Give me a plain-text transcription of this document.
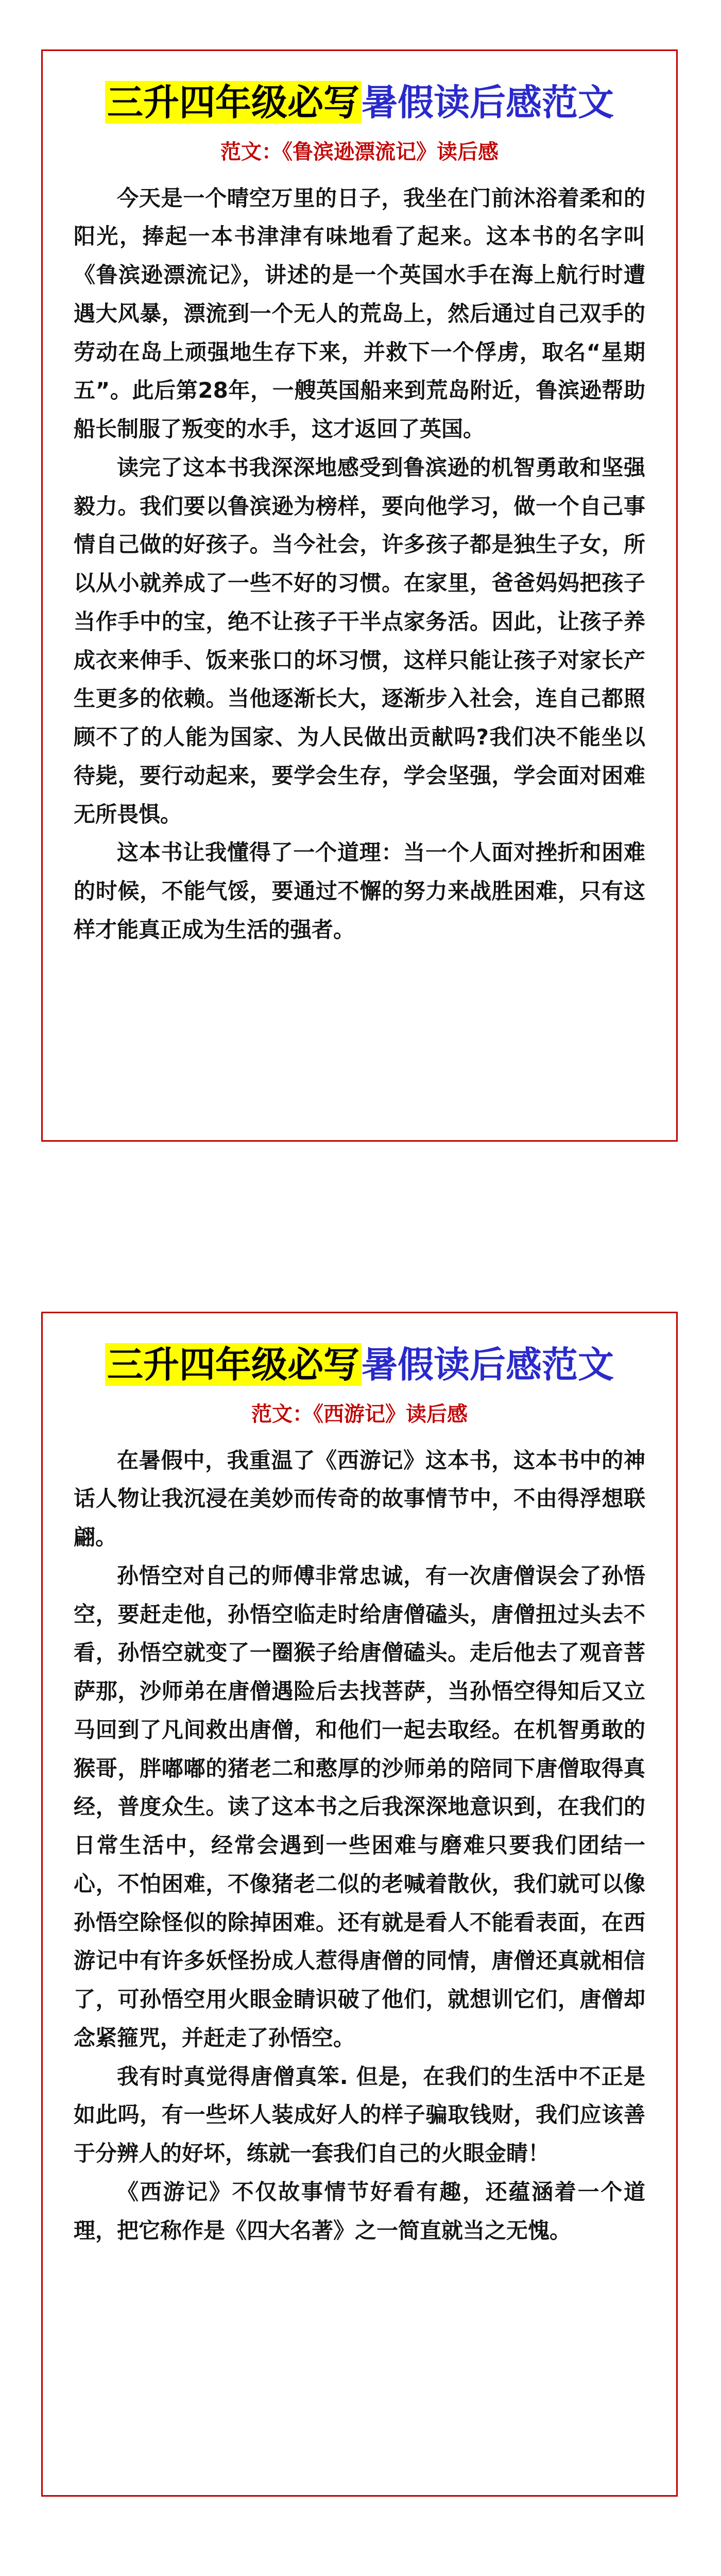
三升四年级必写暑假读后感范文
范文：《鲁滨逊漂流记》读后感

今天是一个晴空万里的日子，我坐在门前沐浴着柔和的阳光，捧起一本书津津有味地看了起来。这本书的名字叫《鲁滨逊漂流记》，讲述的是一个英国水手在海上航行时遭遇大风暴，漂流到一个无人的荒岛上，然后通过自己双手的劳动在岛上顽强地生存下来，并救下一个俘虏，取名“星期五”。此后第28年，一艘英国船来到荒岛附近，鲁滨逊帮助船长制服了叛变的水手，这才返回了英国。

读完了这本书我深深地感受到鲁滨逊的机智勇敢和坚强毅力。我们要以鲁滨逊为榜样，要向他学习，做一个自己事情自己做的好孩子。当今社会，许多孩子都是独生子女，所以从小就养成了一些不好的习惯。在家里，爸爸妈妈把孩子当作手中的宝，绝不让孩子干半点家务活。因此，让孩子养成衣来伸手、饭来张口的坏习惯，这样只能让孩子对家长产生更多的依赖。当他逐渐长大，逐渐步入社会，连自己都照顾不了的人能为国家、为人民做出贡献吗?我们决不能坐以待毙，要行动起来，要学会生存，学会坚强，学会面对困难无所畏惧。

这本书让我懂得了一个道理：当一个人面对挫折和困难的时候，不能气馁，要通过不懈的努力来战胜困难，只有这样才能真正成为生活的强者。

三升四年级必写暑假读后感范文
范文：《西游记》读后感

在暑假中，我重温了《西游记》这本书，这本书中的神话人物让我沉浸在美妙而传奇的故事情节中，不由得浮想联翩。

孙悟空对自己的师傅非常忠诚，有一次唐僧误会了孙悟空，要赶走他，孙悟空临走时给唐僧磕头，唐僧扭过头去不看，孙悟空就变了一圈猴子给唐僧磕头。走后他去了观音菩萨那，沙师弟在唐僧遇险后去找菩萨，当孙悟空得知后又立马回到了凡间救出唐僧，和他们一起去取经。在机智勇敢的猴哥，胖嘟嘟的猪老二和憨厚的沙师弟的陪同下唐僧取得真经，普度众生。读了这本书之后我深深地意识到，在我们的日常生活中，经常会遇到一些困难与磨难只要我们团结一心，不怕困难，不像猪老二似的老喊着散伙，我们就可以像孙悟空除怪似的除掉困难。还有就是看人不能看表面，在西游记中有许多妖怪扮成人惹得唐僧的同情，唐僧还真就相信了，可孙悟空用火眼金睛识破了他们，就想训它们，唐僧却念紧箍咒，并赶走了孙悟空。

我有时真觉得唐僧真笨. 但是，在我们的生活中不正是如此吗，有一些坏人装成好人的样子骗取钱财，我们应该善于分辨人的好坏，练就一套我们自己的火眼金睛！

《西游记》不仅故事情节好看有趣，还蕴涵着一个道理，把它称作是《四大名著》之一简直就当之无愧。
